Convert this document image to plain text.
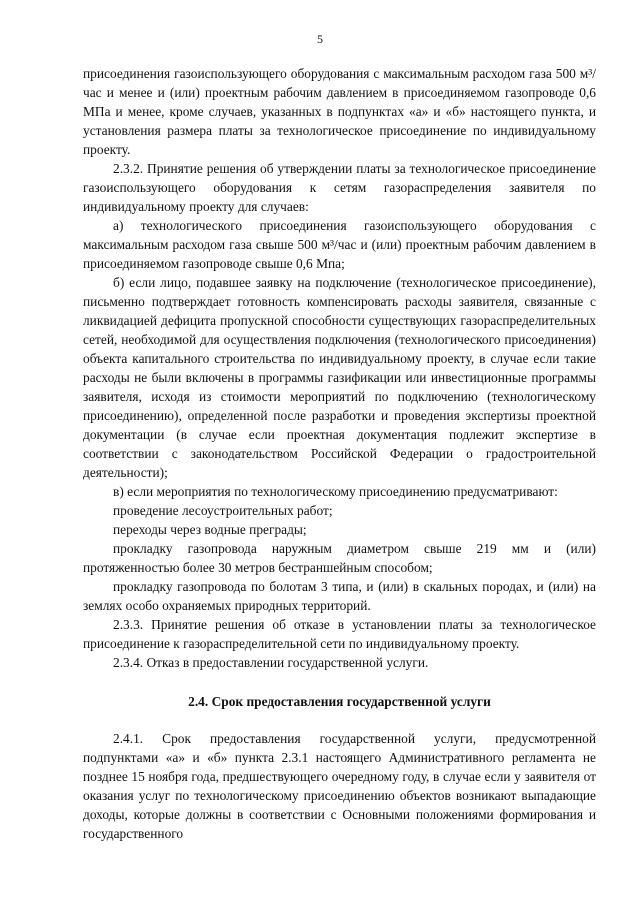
5

присоединения газоиспользующего оборудования с максимальным расходом газа 500 м³/час и менее и (или) проектным рабочим давлением в присоединяемом газопроводе 0,6 МПа и менее, кроме случаев, указанных в подпунктах «а» и «б» настоящего пункта, и установления размера платы за технологическое присоединение по индивидуальному проекту.

2.3.2. Принятие решения об утверждении платы за технологическое присоединение газоиспользующего оборудования к сетям газораспределения заявителя по индивидуальному проекту для случаев:

а) технологического присоединения газоиспользующего оборудования с максимальным расходом газа свыше 500 м³/час и (или) проектным рабочим давлением в присоединяемом газопроводе свыше 0,6 Мпа;

б) если лицо, подавшее заявку на подключение (технологическое присоединение), письменно подтверждает готовность компенсировать расходы заявителя, связанные с ликвидацией дефицита пропускной способности существующих газораспределительных сетей, необходимой для осуществления подключения (технологического присоединения) объекта капитального строительства по индивидуальному проекту, в случае если такие расходы не были включены в программы газификации или инвестиционные программы заявителя, исходя из стоимости мероприятий по подключению (технологическому присоединению), определенной после разработки и проведения экспертизы проектной документации (в случае если проектная документация подлежит экспертизе в соответствии с законодательством Российской Федерации о градостроительной деятельности);

в) если мероприятия по технологическому присоединению предусматривают:

проведение лесоустроительных работ;

переходы через водные преграды;

прокладку газопровода наружным диаметром свыше 219 мм и (или) протяженностью более 30 метров бестраншейным способом;

прокладку газопровода по болотам 3 типа, и (или) в скальных породах, и (или) на землях особо охраняемых природных территорий.

2.3.3. Принятие решения об отказе в установлении платы за технологическое присоединение к газораспределительной сети по индивидуальному проекту.

2.3.4. Отказ в предоставлении государственной услуги.

2.4. Срок предоставления государственной услуги

2.4.1. Срок предоставления государственной услуги, предусмотренной подпунктами «а» и «б» пункта 2.3.1 настоящего Административного регламента не позднее 15 ноября года, предшествующего очередному году, в случае если у заявителя от оказания услуг по технологическому присоединению объектов возникают выпадающие доходы, которые должны в соответствии с Основными положениями формирования и государственного
